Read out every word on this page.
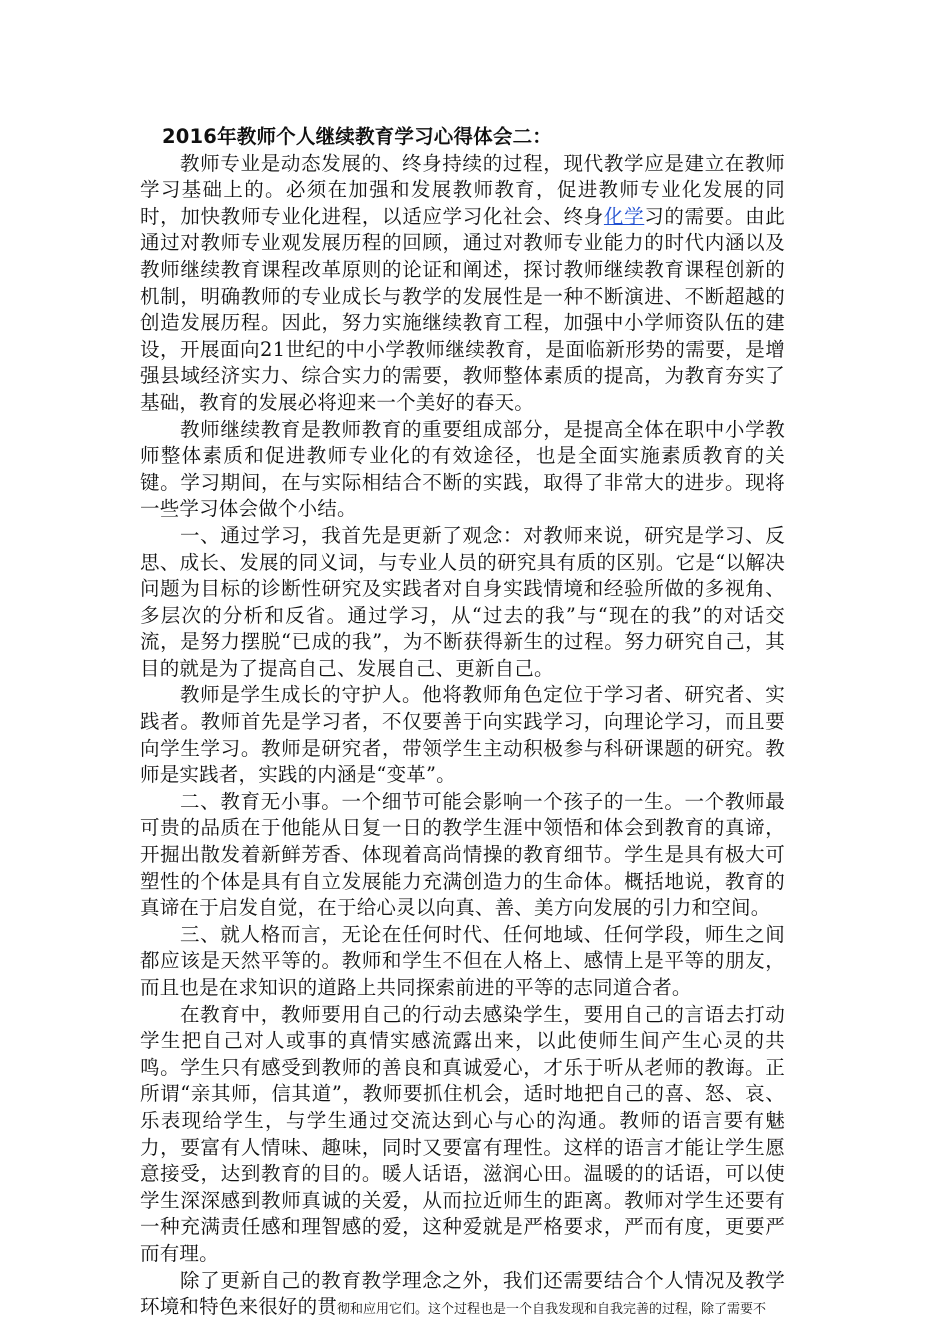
2016年教师个人继续教育学习心得体会二：

教师专业是动态发展的、终身持续的过程，现代教学应是建立在教师学习基础上的。必须在加强和发展教师教育，促进教师专业化发展的同时，加快教师专业化进程，以适应学习化社会、终身化学习的需要。由此通过对教师专业观发展历程的回顾，通过对教师专业能力的时代内涵以及教师继续教育课程改革原则的论证和阐述，探讨教师继续教育课程创新的机制，明确教师的专业成长与教学的发展性是一种不断演进、不断超越的创造发展历程。因此，努力实施继续教育工程，加强中小学师资队伍的建设，开展面向21世纪的中小学教师继续教育，是面临新形势的需要，是增强县域经济实力、综合实力的需要，教师整体素质的提高，为教育夯实了基础，教育的发展必将迎来一个美好的春天。

教师继续教育是教师教育的重要组成部分，是提高全体在职中小学教师整体素质和促进教师专业化的有效途径，也是全面实施素质教育的关键。学习期间，在与实际相结合不断的实践，取得了非常大的进步。现将一些学习体会做个小结。

一、通过学习，我首先是更新了观念：对教师来说，研究是学习、反思、成长、发展的同义词，与专业人员的研究具有质的区别。它是“以解决问题为目标的诊断性研究及实践者对自身实践情境和经验所做的多视角、多层次的分析和反省。通过学习，从“过去的我”与“现在的我”的对话交流，是努力摆脱“已成的我”，为不断获得新生的过程。努力研究自己，其目的就是为了提高自己、发展自己、更新自己。

教师是学生成长的守护人。他将教师角色定位于学习者、研究者、实践者。教师首先是学习者，不仅要善于向实践学习，向理论学习，而且要向学生学习。教师是研究者，带领学生主动积极参与科研课题的研究。教师是实践者，实践的内涵是“变革”。

二、教育无小事。一个细节可能会影响一个孩子的一生。一个教师最可贵的品质在于他能从日复一日的教学生涯中领悟和体会到教育的真谛，开掘出散发着新鲜芳香、体现着高尚情操的教育细节。学生是具有极大可塑性的个体是具有自立发展能力充满创造力的生命体。概括地说，教育的真谛在于启发自觉，在于给心灵以向真、善、美方向发展的引力和空间。

三、就人格而言，无论在任何时代、任何地域、任何学段，师生之间都应该是天然平等的。教师和学生不但在人格上、感情上是平等的朋友，而且也是在求知识的道路上共同探索前进的平等的志同道合者。

在教育中，教师要用自己的行动去感染学生，要用自己的言语去打动学生把自己对人或事的真情实感流露出来，以此使师生间产生心灵的共鸣。学生只有感受到教师的善良和真诚爱心，才乐于听从老师的教诲。正所谓“亲其师，信其道”，教师要抓住机会，适时地把自己的喜、怒、哀、乐表现给学生，与学生通过交流达到心与心的沟通。教师的语言要有魅力，要富有人情味、趣味，同时又要富有理性。这样的语言才能让学生愿意接受，达到教育的目的。暖人话语，滋润心田。温暖的的话语，可以使学生深深感到教师真诚的关爱，从而拉近师生的距离。教师对学生还要有一种充满责任感和理智感的爱，这种爱就是严格要求，严而有度，更要严而有理。

除了更新自己的教育教学理念之外，我们还需要结合个人情况及教学环境和特色来很好的贯彻和应用它们。这个过程也是一个自我发现和自我完善的过程，除了需要不
